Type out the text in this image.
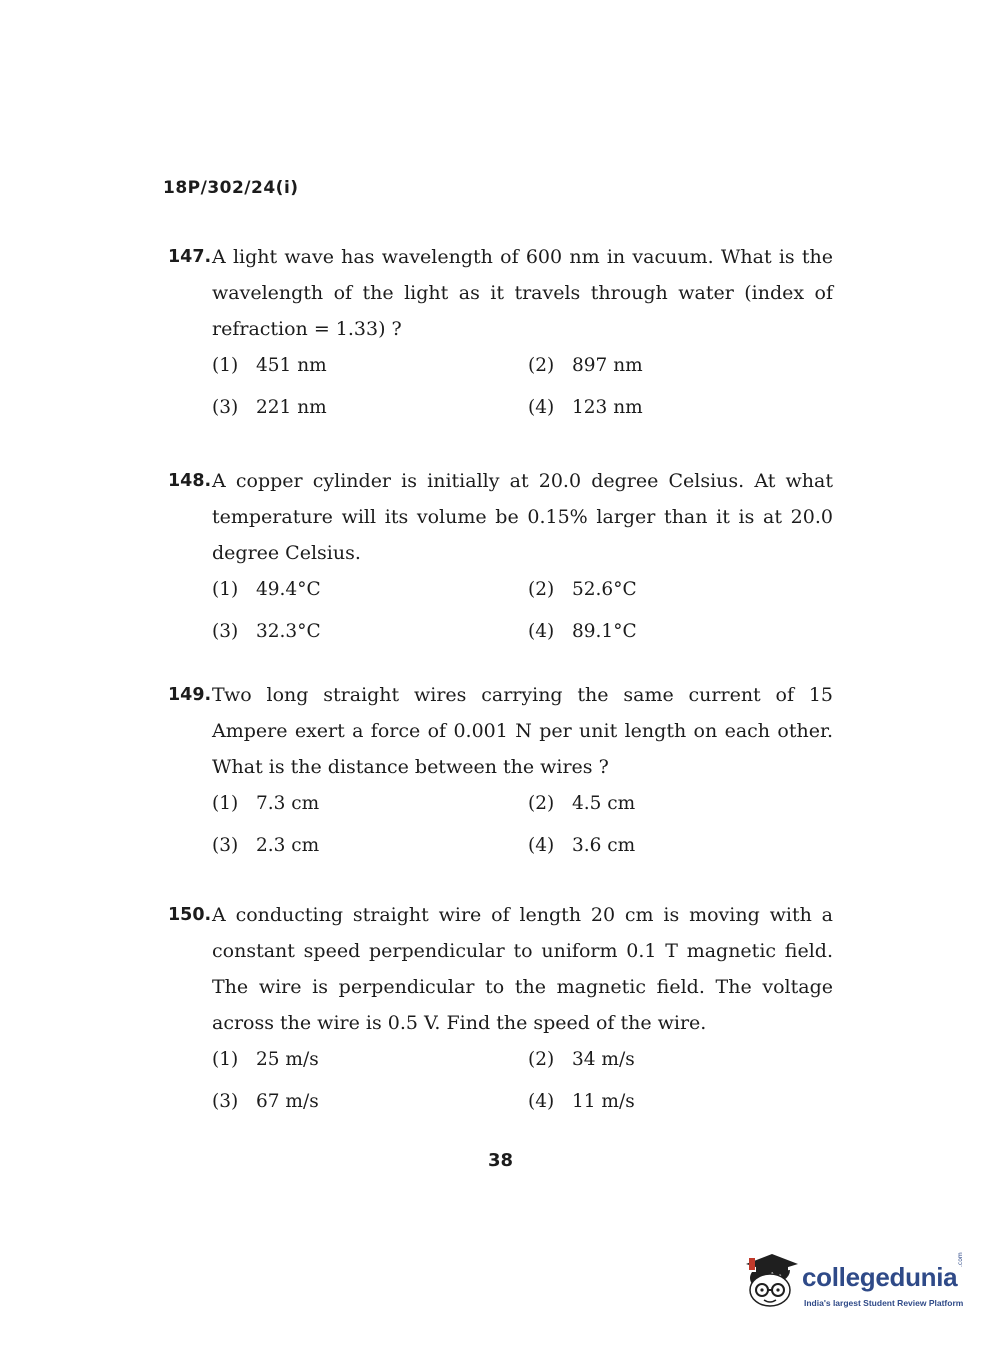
18P/302/24(i)
147. A light wave has wavelength of 600 nm in vacuum. What is the wavelength of the light as it travels through water (index of refraction = 1.33) ?
(1) 451 nm	(2) 897 nm
(3) 221 nm	(4) 123 nm
148. A copper cylinder is initially at 20.0 degree Celsius. At what temperature will its volume be 0.15% larger than it is at 20.0 degree Celsius.
(1) 49.4°C	(2) 52.6°C
(3) 32.3°C	(4) 89.1°C
149. Two long straight wires carrying the same current of 15 Ampere exert a force of 0.001 N per unit length on each other. What is the distance between the wires ?
(1) 7.3 cm	(2) 4.5 cm
(3) 2.3 cm	(4) 3.6 cm
150. A conducting straight wire of length 20 cm is moving with a constant speed perpendicular to uniform 0.1 T magnetic field. The wire is perpendicular to the magnetic field. The voltage across the wire is 0.5 V. Find the speed of the wire.
(1) 25 m/s	(2) 34 m/s
(3) 67 m/s	(4) 11 m/s
38
collegedunia
.com
India's largest Student Review Platform
